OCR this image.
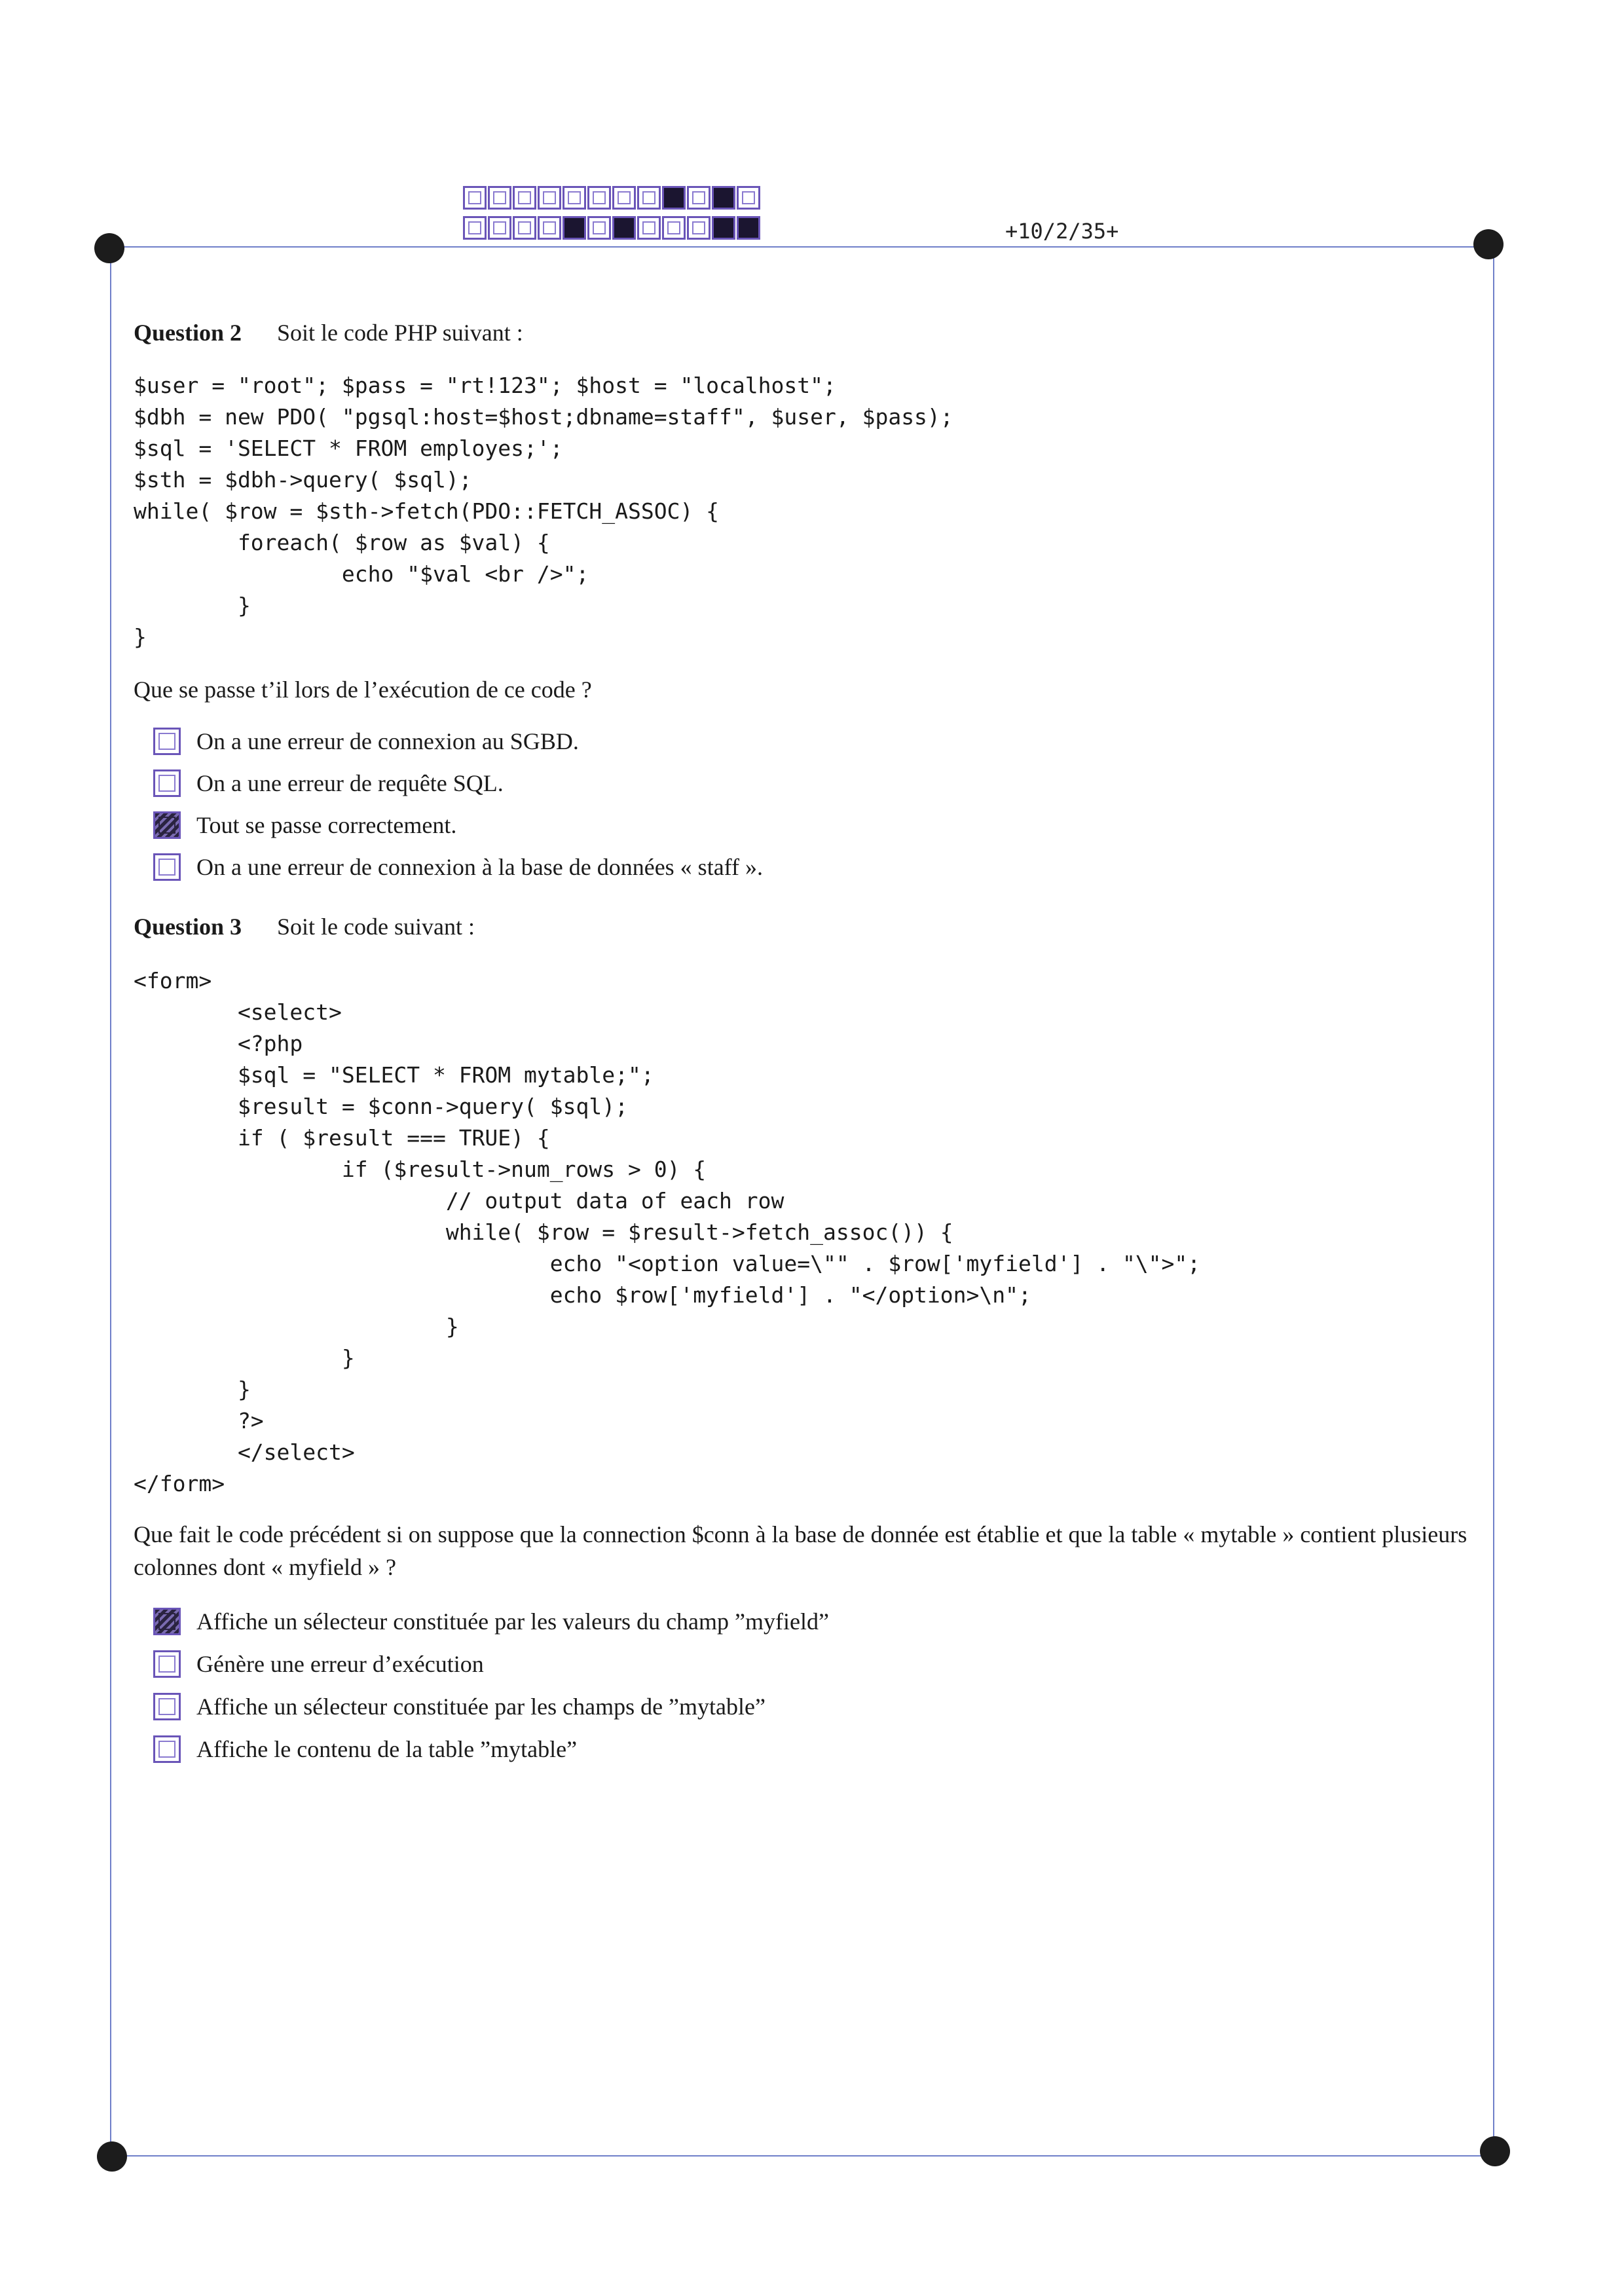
+10/2/35+
Question 2 Soit le code PHP suivant :
$user = "root"; $pass = "rt!123"; $host = "localhost";
$dbh = new PDO( "pgsql:host=$host;dbname=staff", $user, $pass);
$sql = 'SELECT * FROM employes;';
$sth = $dbh->query( $sql);
while( $row = $sth->fetch(PDO::FETCH_ASSOC) {
foreach( $row as $val) {
echo "$val <br />";
}
}
Que se passe t’il lors de l’exécution de ce code ?
On a une erreur de connexion au SGBD.
On a une erreur de requête SQL.
Tout se passe correctement.
On a une erreur de connexion à la base de données « staff ».
Question 3 Soit le code suivant :
<form>
<select>
<?php
$sql = "SELECT * FROM mytable;";
$result = $conn->query( $sql);
if ( $result === TRUE) {
if ($result->num_rows > 0) {
// output data of each row
while( $row = $result->fetch_assoc()) {
echo "<option value=\"" . $row['myfield'] . "\">";
echo $row['myfield'] . "</option>\n";
}
}
}
?>
</select>
</form>
Que fait le code précédent si on suppose que la connection $conn à la base de donnée est établie et que la table « mytable » contient plusieurs colonnes dont « myfield » ?
Affiche un sélecteur constituée par les valeurs du champ ”myfield”
Génère une erreur d’exécution
Affiche un sélecteur constituée par les champs de ”mytable”
Affiche le contenu de la table ”mytable”
